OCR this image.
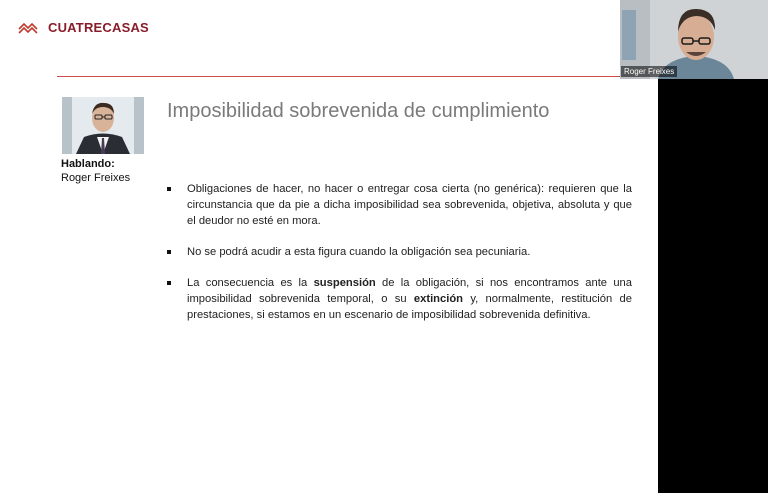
CUATRECASAS
Hablando:
Roger Freixes
Imposibilidad sobrevenida de cumplimiento
Obligaciones de hacer, no hacer o entregar cosa cierta (no genérica): requieren que la circunstancia que da pie a dicha imposibilidad sea sobrevenida, objetiva, absoluta y que el deudor no esté en mora.
No se podrá acudir a esta figura cuando la obligación sea pecuniaria.
La consecuencia es la suspensión de la obligación, si nos encontramos ante una imposibilidad sobrevenida temporal, o su extinción y, normalmente, restitución de prestaciones, si estamos en un escenario de imposibilidad sobrevenida definitiva.
Roger Freixes
